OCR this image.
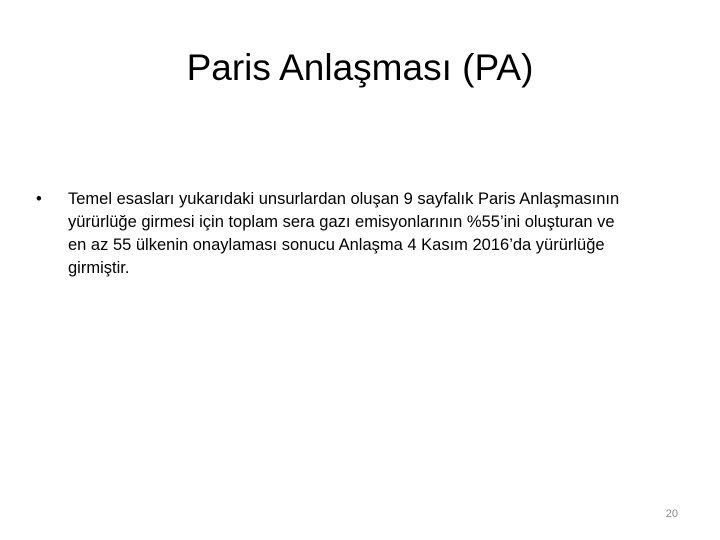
Paris Anlaşması (PA)
•	Temel esasları yukarıdaki unsurlardan oluşan 9 sayfalık Paris Anlaşmasının
yürürlüğe girmesi için toplam sera gazı emisyonlarının %55’ini oluşturan ve
en az 55 ülkenin onaylaması sonucu Anlaşma 4 Kasım 2016’da yürürlüğe
girmiştir.
20
